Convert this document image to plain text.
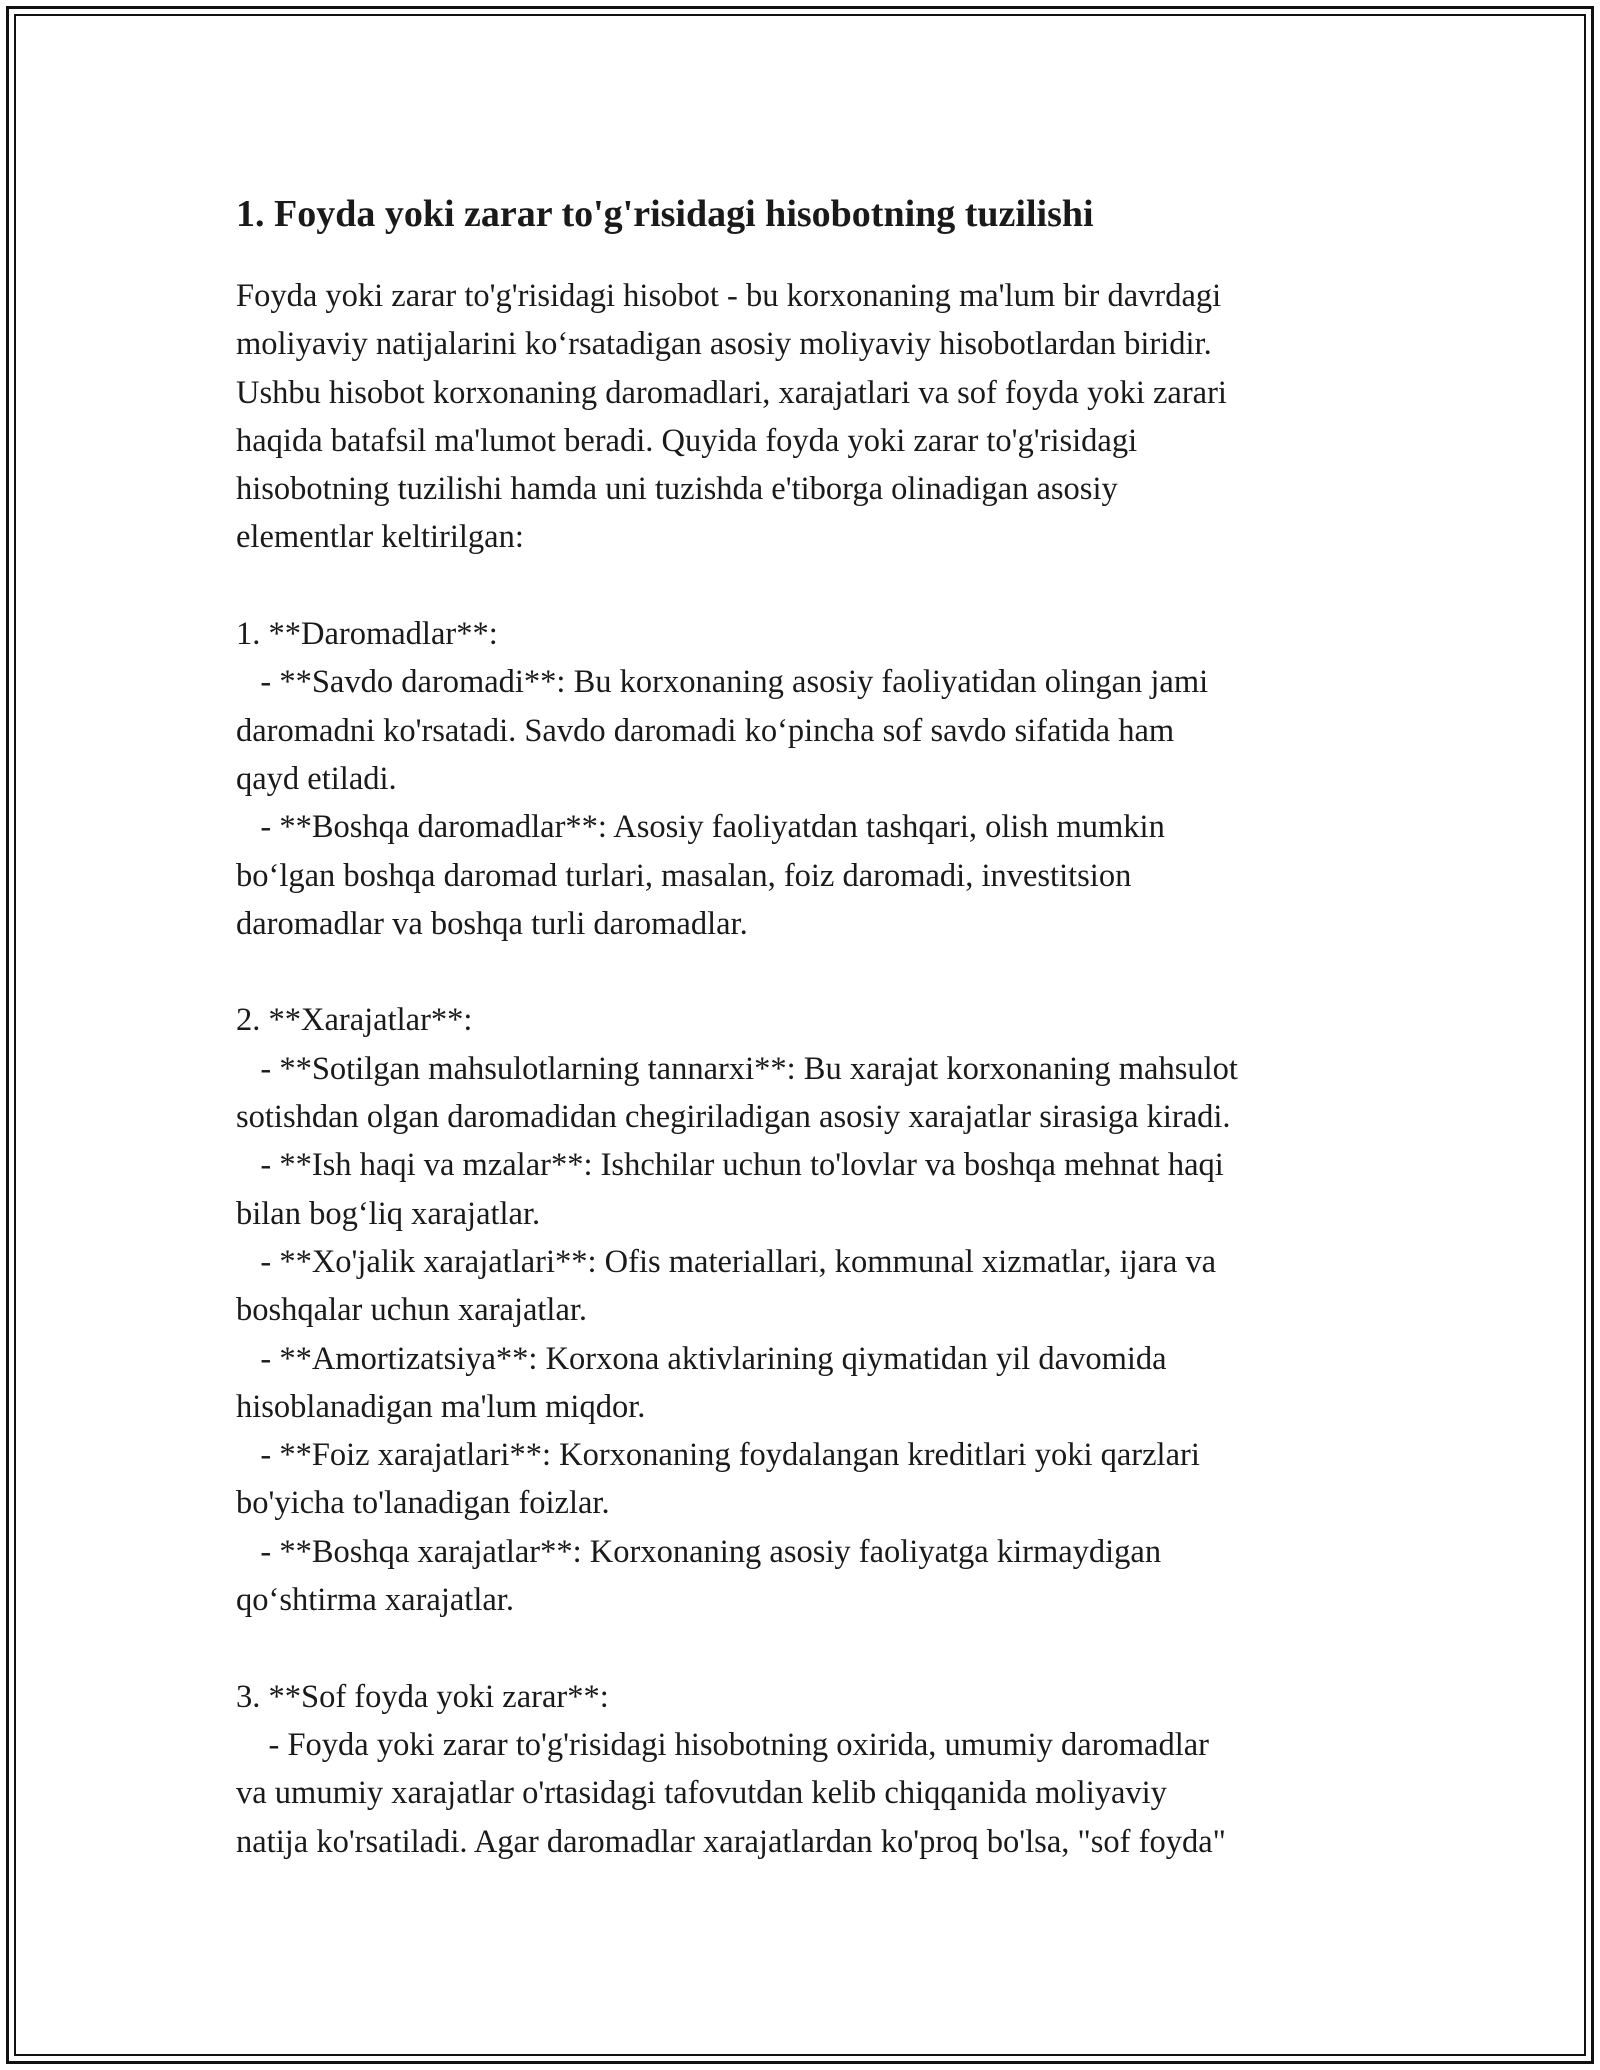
1. Foyda yoki zarar to'g'risidagi hisobotning tuzilishi
Foyda yoki zarar to'g'risidagi hisobot - bu korxonaning ma'lum bir davrdagi
moliyaviy natijalarini ko‘rsatadigan asosiy moliyaviy hisobotlardan biridir.
Ushbu hisobot korxonaning daromadlari, xarajatlari va sof foyda yoki zarari
haqida batafsil ma'lumot beradi. Quyida foyda yoki zarar to'g'risidagi
hisobotning tuzilishi hamda uni tuzishda e'tiborga olinadigan asosiy
elementlar keltirilgan:
1. **Daromadlar**:
- **Savdo daromadi**: Bu korxonaning asosiy faoliyatidan olingan jami
daromadni ko'rsatadi. Savdo daromadi ko‘pincha sof savdo sifatida ham
qayd etiladi.
- **Boshqa daromadlar**: Asosiy faoliyatdan tashqari, olish mumkin
bo‘lgan boshqa daromad turlari, masalan, foiz daromadi, investitsion
daromadlar va boshqa turli daromadlar.
2. **Xarajatlar**:
- **Sotilgan mahsulotlarning tannarxi**: Bu xarajat korxonaning mahsulot
sotishdan olgan daromadidan chegiriladigan asosiy xarajatlar sirasiga kiradi.
- **Ish haqi va mzalar**: Ishchilar uchun to'lovlar va boshqa mehnat haqi
bilan bog‘liq xarajatlar.
- **Xo'jalik xarajatlari**: Ofis materiallari, kommunal xizmatlar, ijara va
boshqalar uchun xarajatlar.
- **Amortizatsiya**: Korxona aktivlarining qiymatidan yil davomida
hisoblanadigan ma'lum miqdor.
- **Foiz xarajatlari**: Korxonaning foydalangan kreditlari yoki qarzlari
bo'yicha to'lanadigan foizlar.
- **Boshqa xarajatlar**: Korxonaning asosiy faoliyatga kirmaydigan
qo‘shtirma xarajatlar.
3. **Sof foyda yoki zarar**:
- Foyda yoki zarar to'g'risidagi hisobotning oxirida, umumiy daromadlar
va umumiy xarajatlar o'rtasidagi tafovutdan kelib chiqqanida moliyaviy
natija ko'rsatiladi. Agar daromadlar xarajatlardan ko'proq bo'lsa, "sof foyda"
